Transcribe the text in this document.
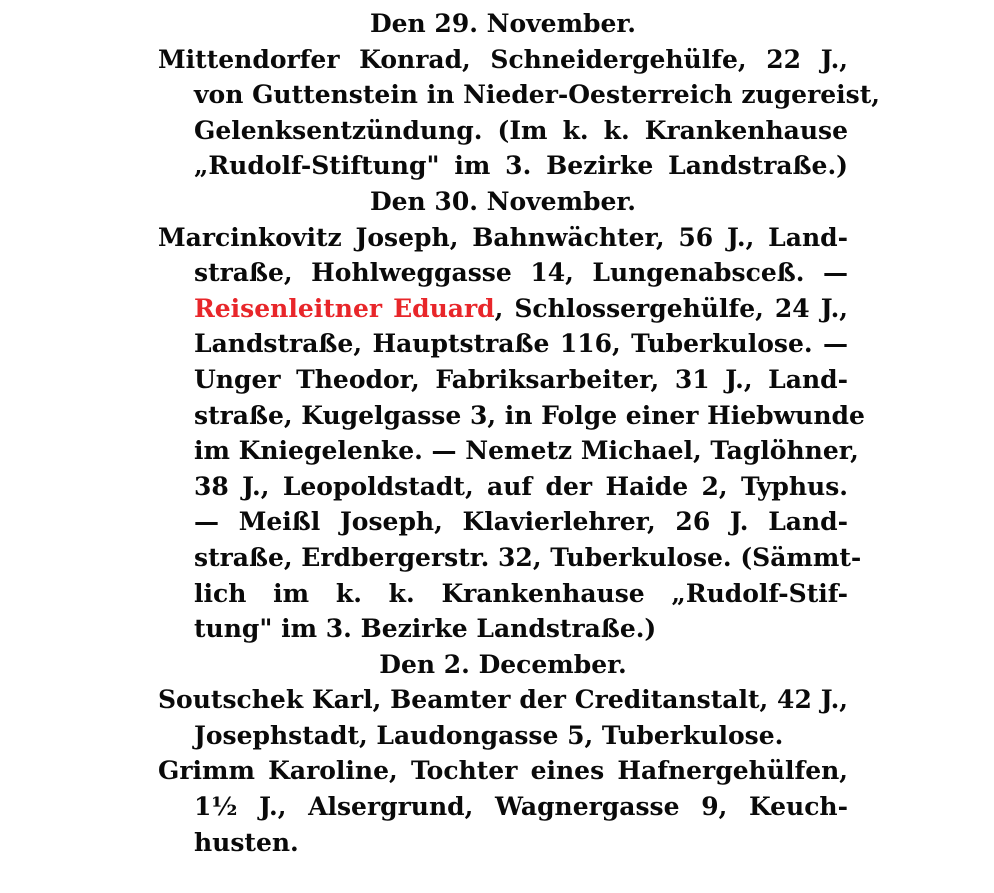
Den 29. November.
Mittendorfer Konrad, Schneidergehülfe, 22 J.,
von Guttenstein in Nieder-Oesterreich zugereist,
Gelenksentzündung. (Im k. k. Krankenhause
„Rudolf-Stiftung" im 3. Bezirke Landstraße.)
Den 30. November.
Marcinkovitz Joseph, Bahnwächter, 56 J., Land-
straße, Hohlweggasse 14, Lungenabsceß. —
Reisenleitner Eduard, Schlossergehülfe, 24 J.,
Landstraße, Hauptstraße 116, Tuberkulose. —
Unger Theodor, Fabriksarbeiter, 31 J., Land-
straße, Kugelgasse 3, in Folge einer Hiebwunde
im Kniegelenke. — Nemetz Michael, Taglöhner,
38 J., Leopoldstadt, auf der Haide 2, Typhus.
— Meißl Joseph, Klavierlehrer, 26 J. Land-
straße, Erdbergerstr. 32, Tuberkulose. (Sämmt-
lich im k. k. Krankenhause „Rudolf-Stif-
tung" im 3. Bezirke Landstraße.)
Den 2. December.
Soutschek Karl, Beamter der Creditanstalt, 42 J.,
Josephstadt, Laudongasse 5, Tuberkulose.
Grimm Karoline, Tochter eines Hafnergehülfen,
1½ J., Alsergrund, Wagnergasse 9, Keuch-
husten.
